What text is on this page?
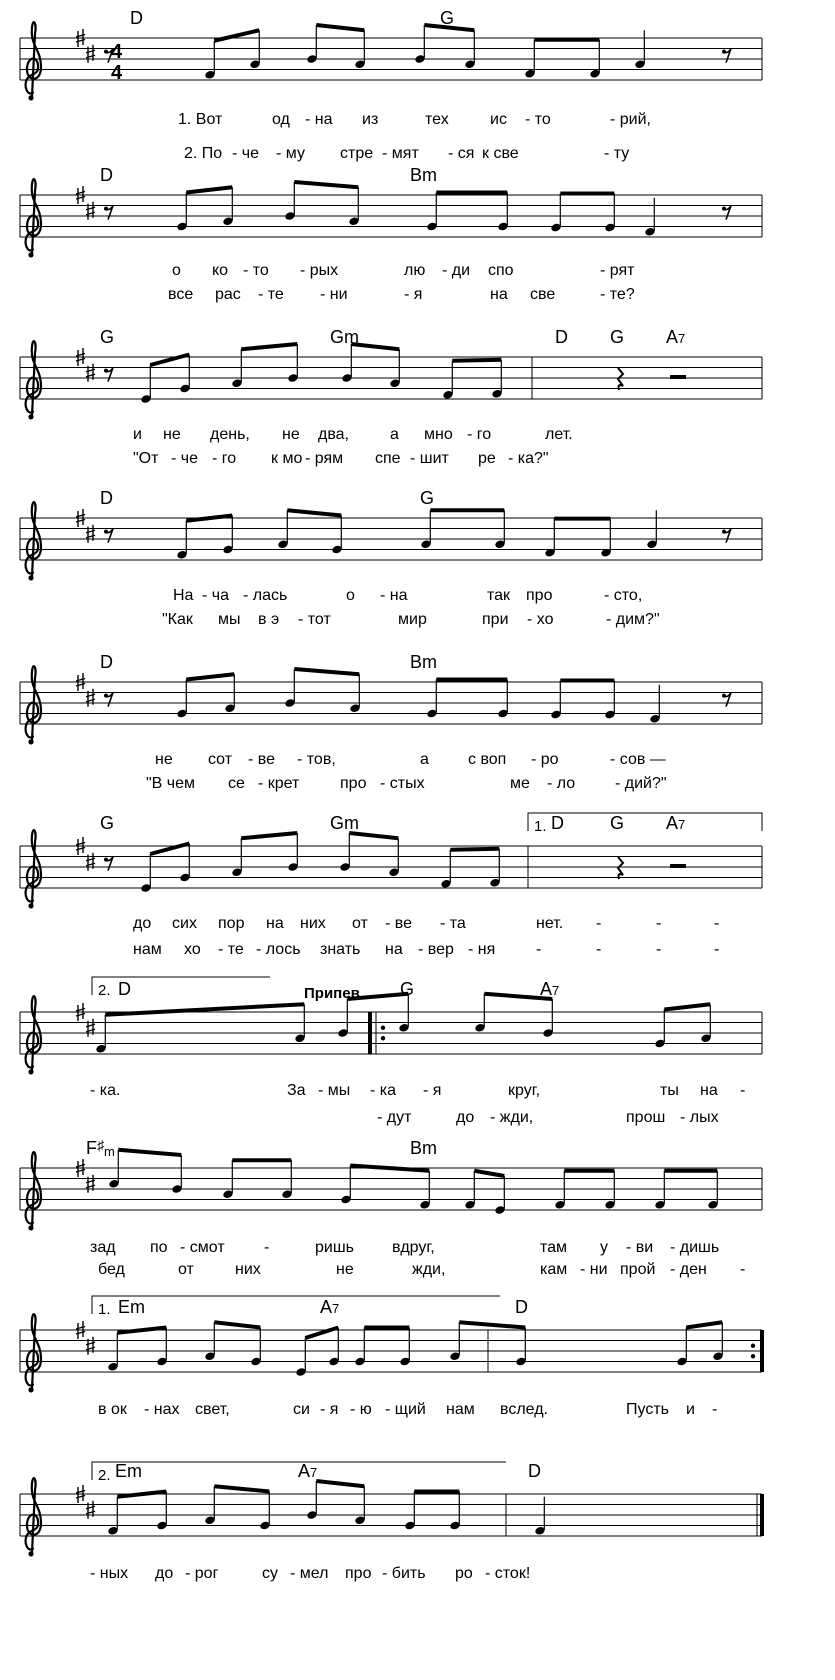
4
4
1.
2.
1.
2.
Припев
D	G
D	Bm
G	Gm	D G A7
D	G
D	Bm
G	Gm	D	G A7
G	A7
$F^♯_m$	Bm
Em	A7	D
Em	A7	D
D
1. Вот	од - на из	тех	ис - то	- рий,
2. По - че - му стре - мят - ся к све	- ту
о ко - то - рых	лю - ди спо	- рят
все рас - те - ни	- я	на све	- те?
и не день, не два,	а мно - го	лет.
"От - че - го к мо - рям спе - шит ре - ка?"
На - ча - лась	о - на	так про	- сто,
"Как мы в э - тот	мир	при - хо	- дим?"
не сот - ве - тов,	а с воп - ро	- сов —
"В чем се - крет	про - стых	ме - ло - дий?"
до сих пор на них от - ве - та	нет. -	-	-
нам хо - те - лось знать на - вер - ня	-	-	-	-
- ка.	За - мы - ка - я	круг,	ты на -
- дут	до - жди,	прош - лых
зад по - смот -	ришь вдруг,	там у - ви - дишь
бед	от	них	не	жди,	кам - ни прой - ден -
в ок - нах свет,	си - я - ю - щий нам вслед.	Пусть и -
- ных до - рог	су - мел про - бить ро - сток!
